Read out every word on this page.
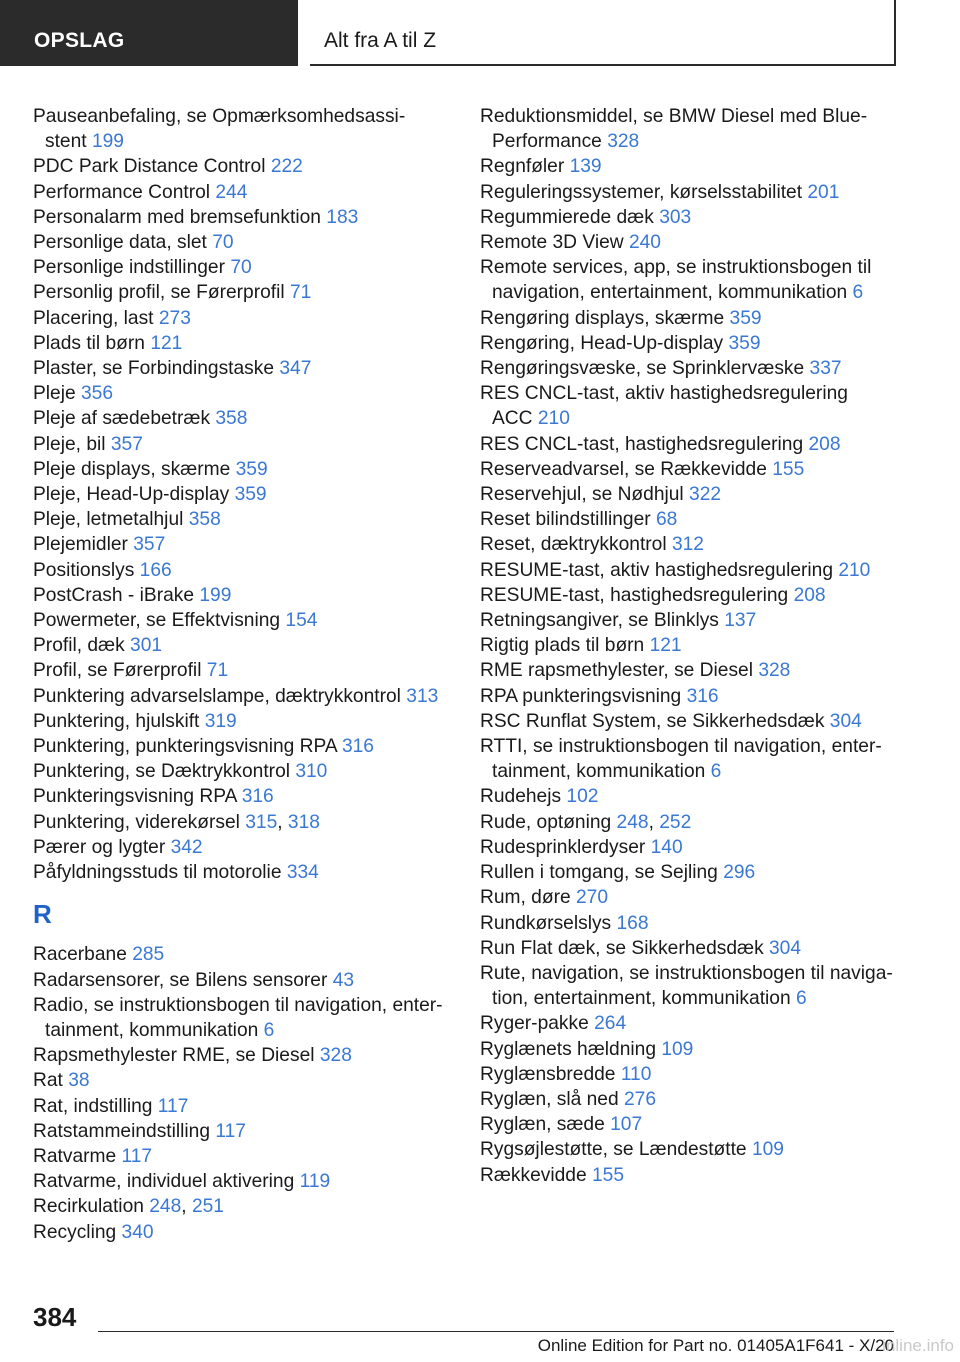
OPSLAG	Alt fra A til Z
Pauseanbefaling, se Opmærksomhedsassi-
stent 199
PDC Park Distance Control 222
Performance Control 244
Personalarm med bremsefunktion 183
Personlige data, slet 70
Personlige indstillinger 70
Personlig profil, se Førerprofil 71
Placering, last 273
Plads til børn 121
Plaster, se Forbindingstaske 347
Pleje 356
Pleje af sædebetræk 358
Pleje, bil 357
Pleje displays, skærme 359
Pleje, Head-Up-display 359
Pleje, letmetalhjul 358
Plejemidler 357
Positionslys 166
PostCrash - iBrake 199
Powermeter, se Effektvisning 154
Profil, dæk 301
Profil, se Førerprofil 71
Punktering advarselslampe, dæktrykkontrol 313
Punktering, hjulskift 319
Punktering, punkteringsvisning RPA 316
Punktering, se Dæktrykkontrol 310
Punkteringsvisning RPA 316
Punktering, viderekørsel 315, 318
Pærer og lygter 342
Påfyldningsstuds til motorolie 334
R
Racerbane 285
Radarsensorer, se Bilens sensorer 43
Radio, se instruktionsbogen til navigation, enter-
tainment, kommunikation 6
Rapsmethylester RME, se Diesel 328
Rat 38
Rat, indstilling 117
Ratstammeindstilling 117
Ratvarme 117
Ratvarme, individuel aktivering 119
Recirkulation 248, 251
Recycling 340
Reduktionsmiddel, se BMW Diesel med Blue-
Performance 328
Regnføler 139
Reguleringssystemer, kørselsstabilitet 201
Regummierede dæk 303
Remote 3D View 240
Remote services, app, se instruktionsbogen til
navigation, entertainment, kommunikation 6
Rengøring displays, skærme 359
Rengøring, Head-Up-display 359
Rengøringsvæske, se Sprinklervæske 337
RES CNCL-tast, aktiv hastighedsregulering
ACC 210
RES CNCL-tast, hastighedsregulering 208
Reserveadvarsel, se Rækkevidde 155
Reservehjul, se Nødhjul 322
Reset bilindstillinger 68
Reset, dæktrykkontrol 312
RESUME-tast, aktiv hastighedsregulering 210
RESUME-tast, hastighedsregulering 208
Retningsangiver, se Blinklys 137
Rigtig plads til børn 121
RME rapsmethylester, se Diesel 328
RPA punkteringsvisning 316
RSC Runflat System, se Sikkerhedsdæk 304
RTTI, se instruktionsbogen til navigation, enter-
tainment, kommunikation 6
Rudehejs 102
Rude, optøning 248, 252
Rudesprinklerdyser 140
Rullen i tomgang, se Sejling 296
Rum, døre 270
Rundkørselslys 168
Run Flat dæk, se Sikkerhedsdæk 304
Rute, navigation, se instruktionsbogen til naviga-
tion, entertainment, kommunikation 6
Ryger-pakke 264
Ryglænets hældning 109
Ryglænsbredde 110
Ryglæn, slå ned 276
Ryglæn, sæde 107
Rygsøjlestøtte, se Lændestøtte 109
Rækkevidde 155
384
Online Edition for Part no. 01405A1F641 - X/20
inline.info
